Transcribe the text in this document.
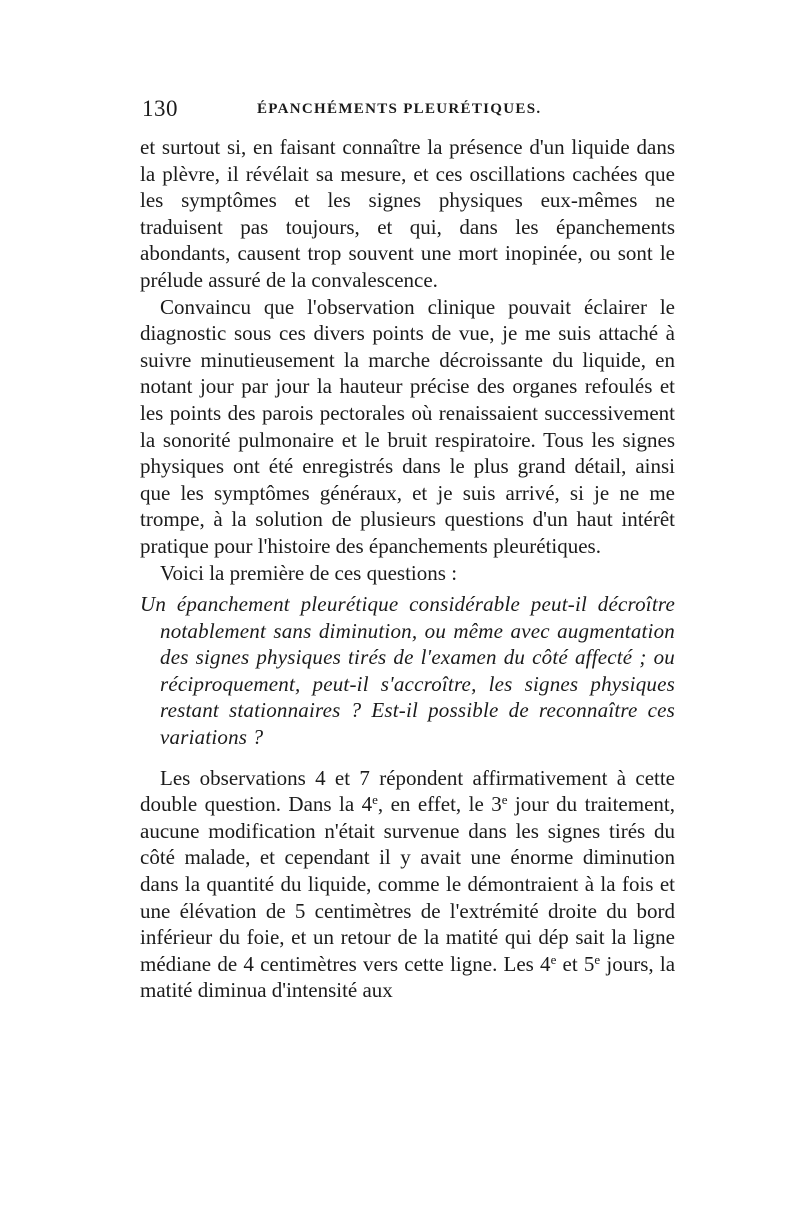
130	ÉPANCHÉMENTS PLEURÉTIQUES.

et surtout si, en faisant connaître la présence d'un liquide dans la plèvre, il révélait sa mesure, et ces oscillations cachées que les symptômes et les signes physiques eux-mêmes ne traduisent pas toujours, et qui, dans les épanchements abondants, causent trop souvent une mort inopinée, ou sont le prélude assuré de la convalescence.

Convaincu que l'observation clinique pouvait éclairer le diagnostic sous ces divers points de vue, je me suis attaché à suivre minutieusement la marche décroissante du liquide, en notant jour par jour la hauteur précise des organes refoulés et les points des parois pectorales où renaissaient successivement la sonorité pulmonaire et le bruit respiratoire. Tous les signes physiques ont été enregistrés dans le plus grand détail, ainsi que les symptômes généraux, et je suis arrivé, si je ne me trompe, à la solution de plusieurs questions d'un haut intérêt pratique pour l'histoire des épanchements pleurétiques.

Voici la première de ces questions :

Un épanchement pleurétique considérable peut-il décroître notablement sans diminution, ou même avec augmentation des signes physiques tirés de l'examen du côté affecté ; ou réciproquement, peut-il s'accroître, les signes physiques restant stationnaires ? Est-il possible de reconnaître ces variations ?

Les observations 4 et 7 répondent affirmativement à cette double question. Dans la 4e, en effet, le 3e jour du traitement, aucune modification n'était survenue dans les signes tirés du côté malade, et cependant il y avait une énorme diminution dans la quantité du liquide, comme le démontraient à la fois et une élévation de 5 centimètres de l'extrémité droite du bord inférieur du foie, et un retour de la matité qui dép sait la ligne médiane de 4 centimètres vers cette ligne. Les 4e et 5e jours, la matité diminua d'intensité aux
